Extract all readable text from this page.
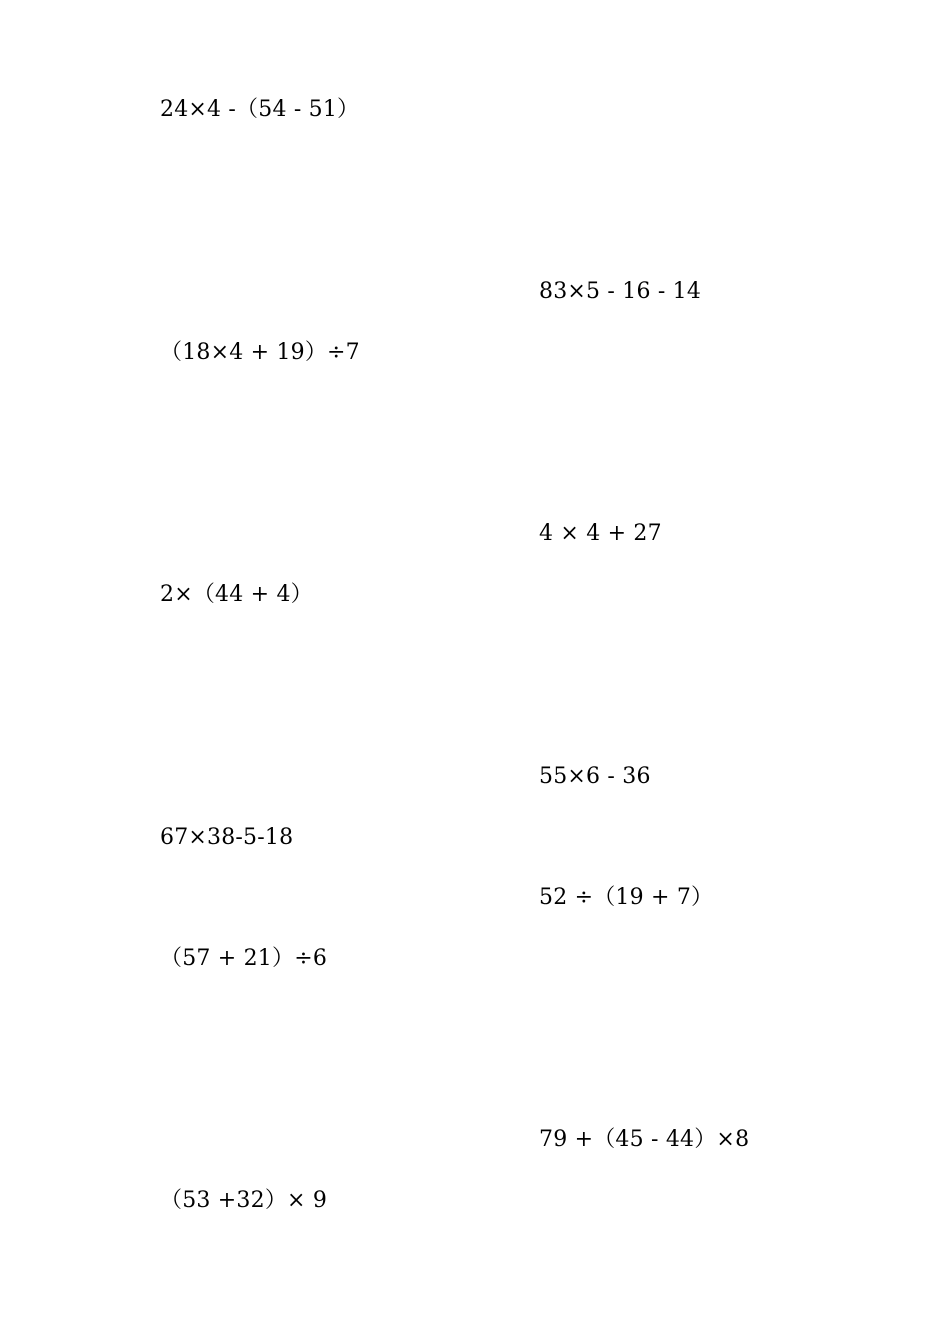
24×4 -（54 - 51）

83×5 - 16 - 14

（18×4 + 19）÷7

4 × 4 + 27

2×（44 + 4）

55×6 - 36

67×38-5-18

52 ÷（19 + 7）

（57 + 21）÷6

79 +（45 - 44）×8

（53 +32）× 9
